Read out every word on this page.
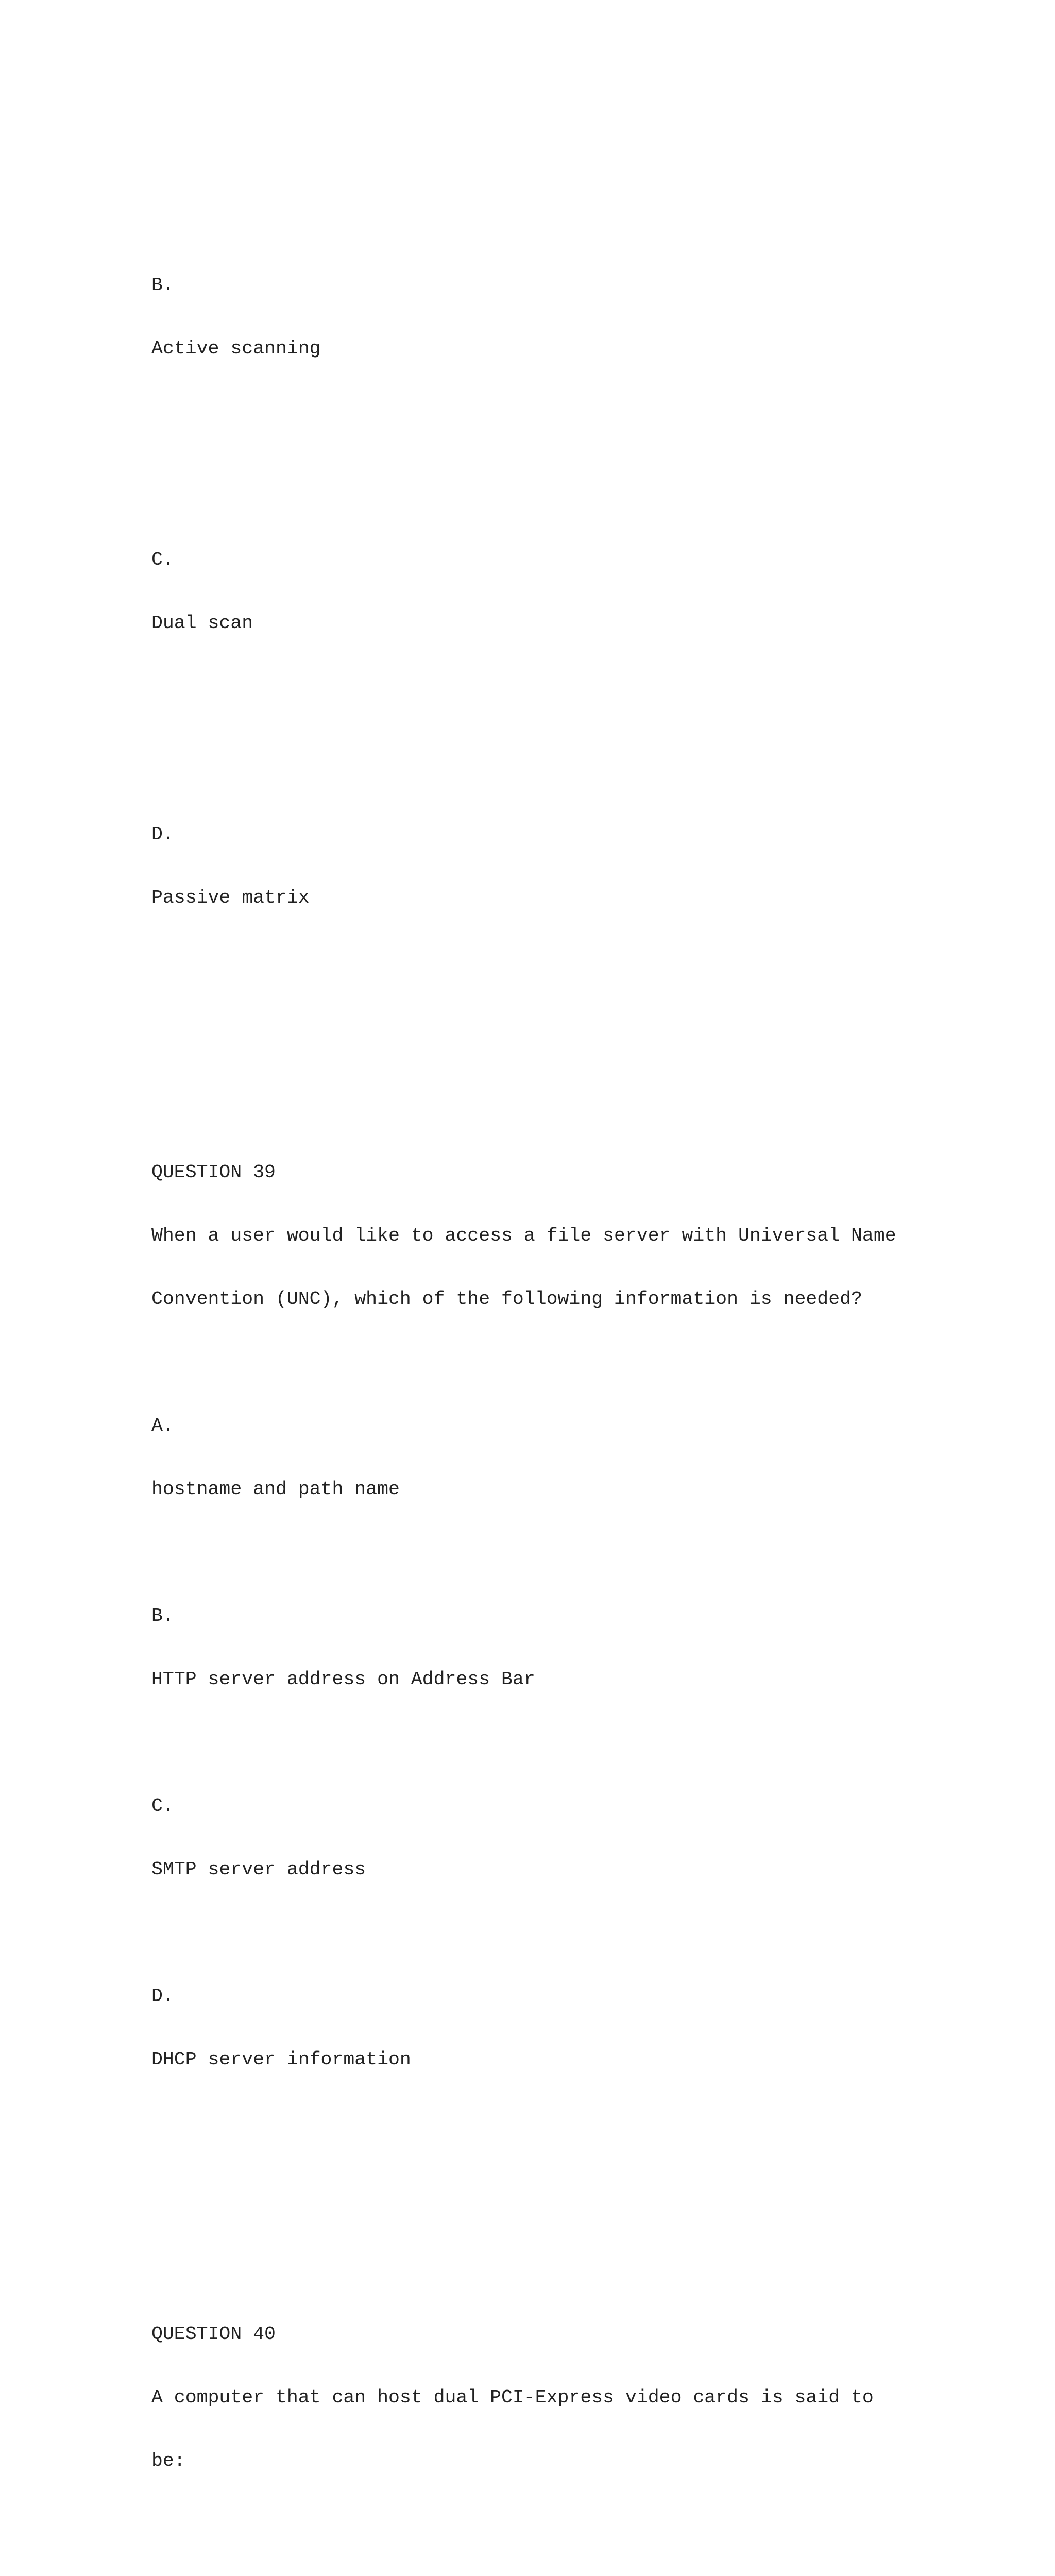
B.

Active scanning

C.

Dual scan

D.

Passive matrix

QUESTION 39

When a user would like to access a file server with Universal Name

Convention (UNC), which of the following information is needed?

A.

hostname and path name

B.

HTTP server address on Address Bar

C.

SMTP server address

D.

DHCP server information

QUESTION 40

A computer that can host dual PCI-Express video cards is said to

be:
